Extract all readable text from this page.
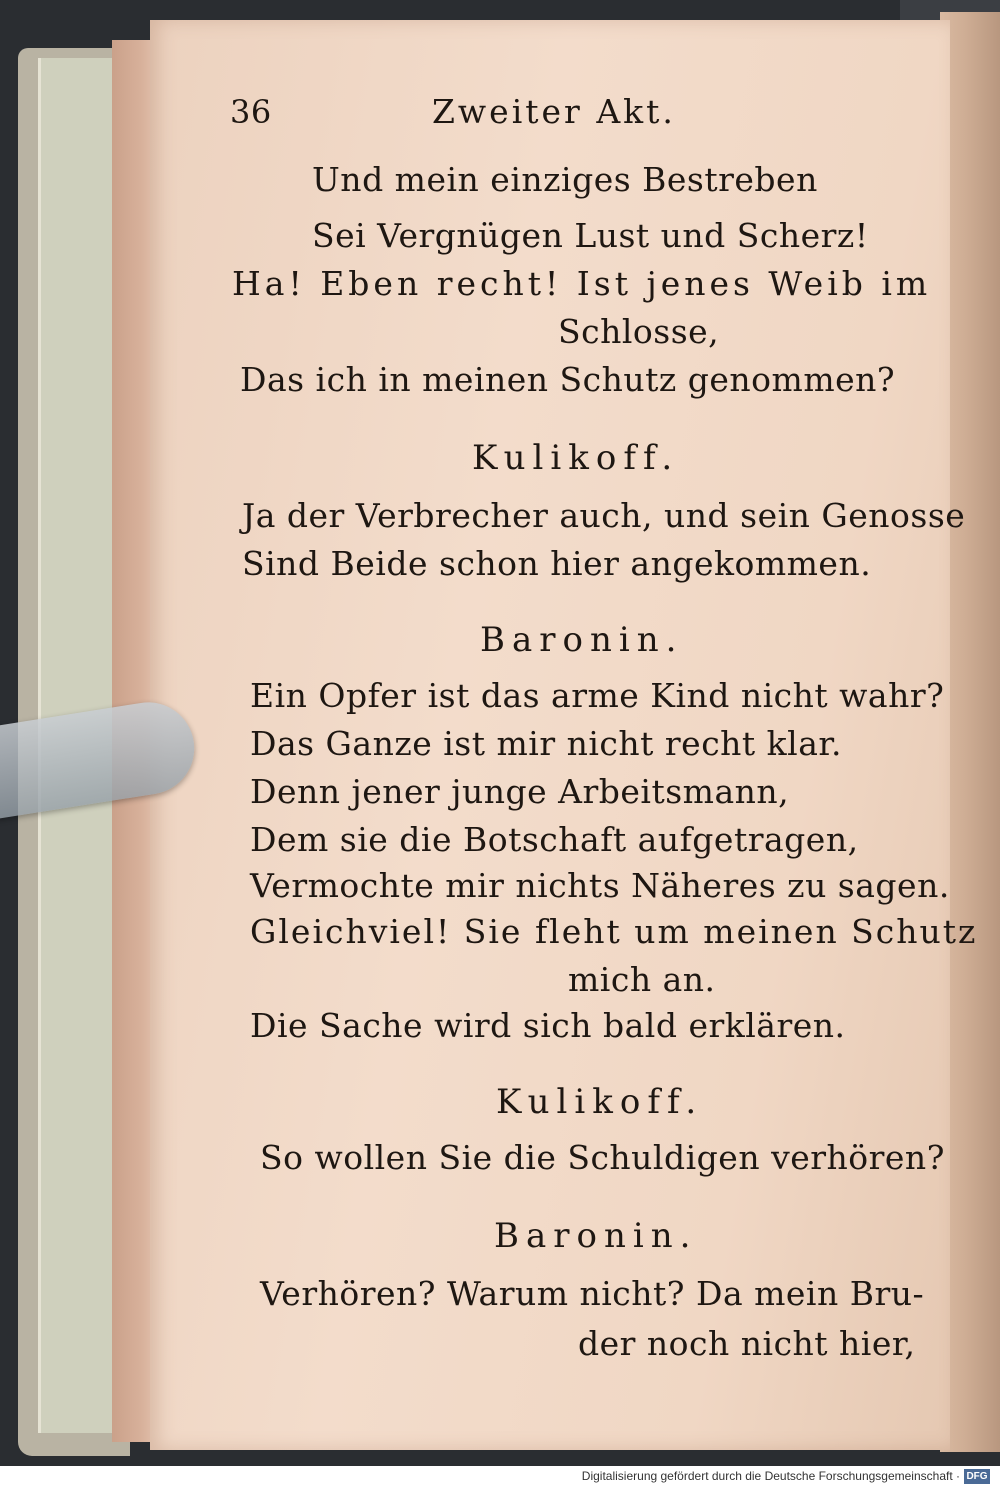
36	Zweiter Akt.
Und mein einziges Bestreben
Sei Vergnügen Lust und Scherz!
Ha! Eben recht! Ist jenes Weib im
Schlosse,
Das ich in meinen Schutz genommen?
Kulikoff.
Ja der Verbrecher auch, und sein Genosse
Sind Beide schon hier angekommen.
Baronin.
Ein Opfer ist das arme Kind nicht wahr?
Das Ganze ist mir nicht recht klar.
Denn jener junge Arbeitsmann,
Dem sie die Botschaft aufgetragen,
Vermochte mir nichts Näheres zu sagen.
Gleichviel! Sie fleht um meinen Schutz
mich an.
Die Sache wird sich bald erklären.
Kulikoff.
So wollen Sie die Schuldigen verhören?
Baronin.
Verhören? Warum nicht? Da mein Bru-
der noch nicht hier,
Digitalisierung gefördert durch die Deutsche Forschungsgemeinschaft · DFG
